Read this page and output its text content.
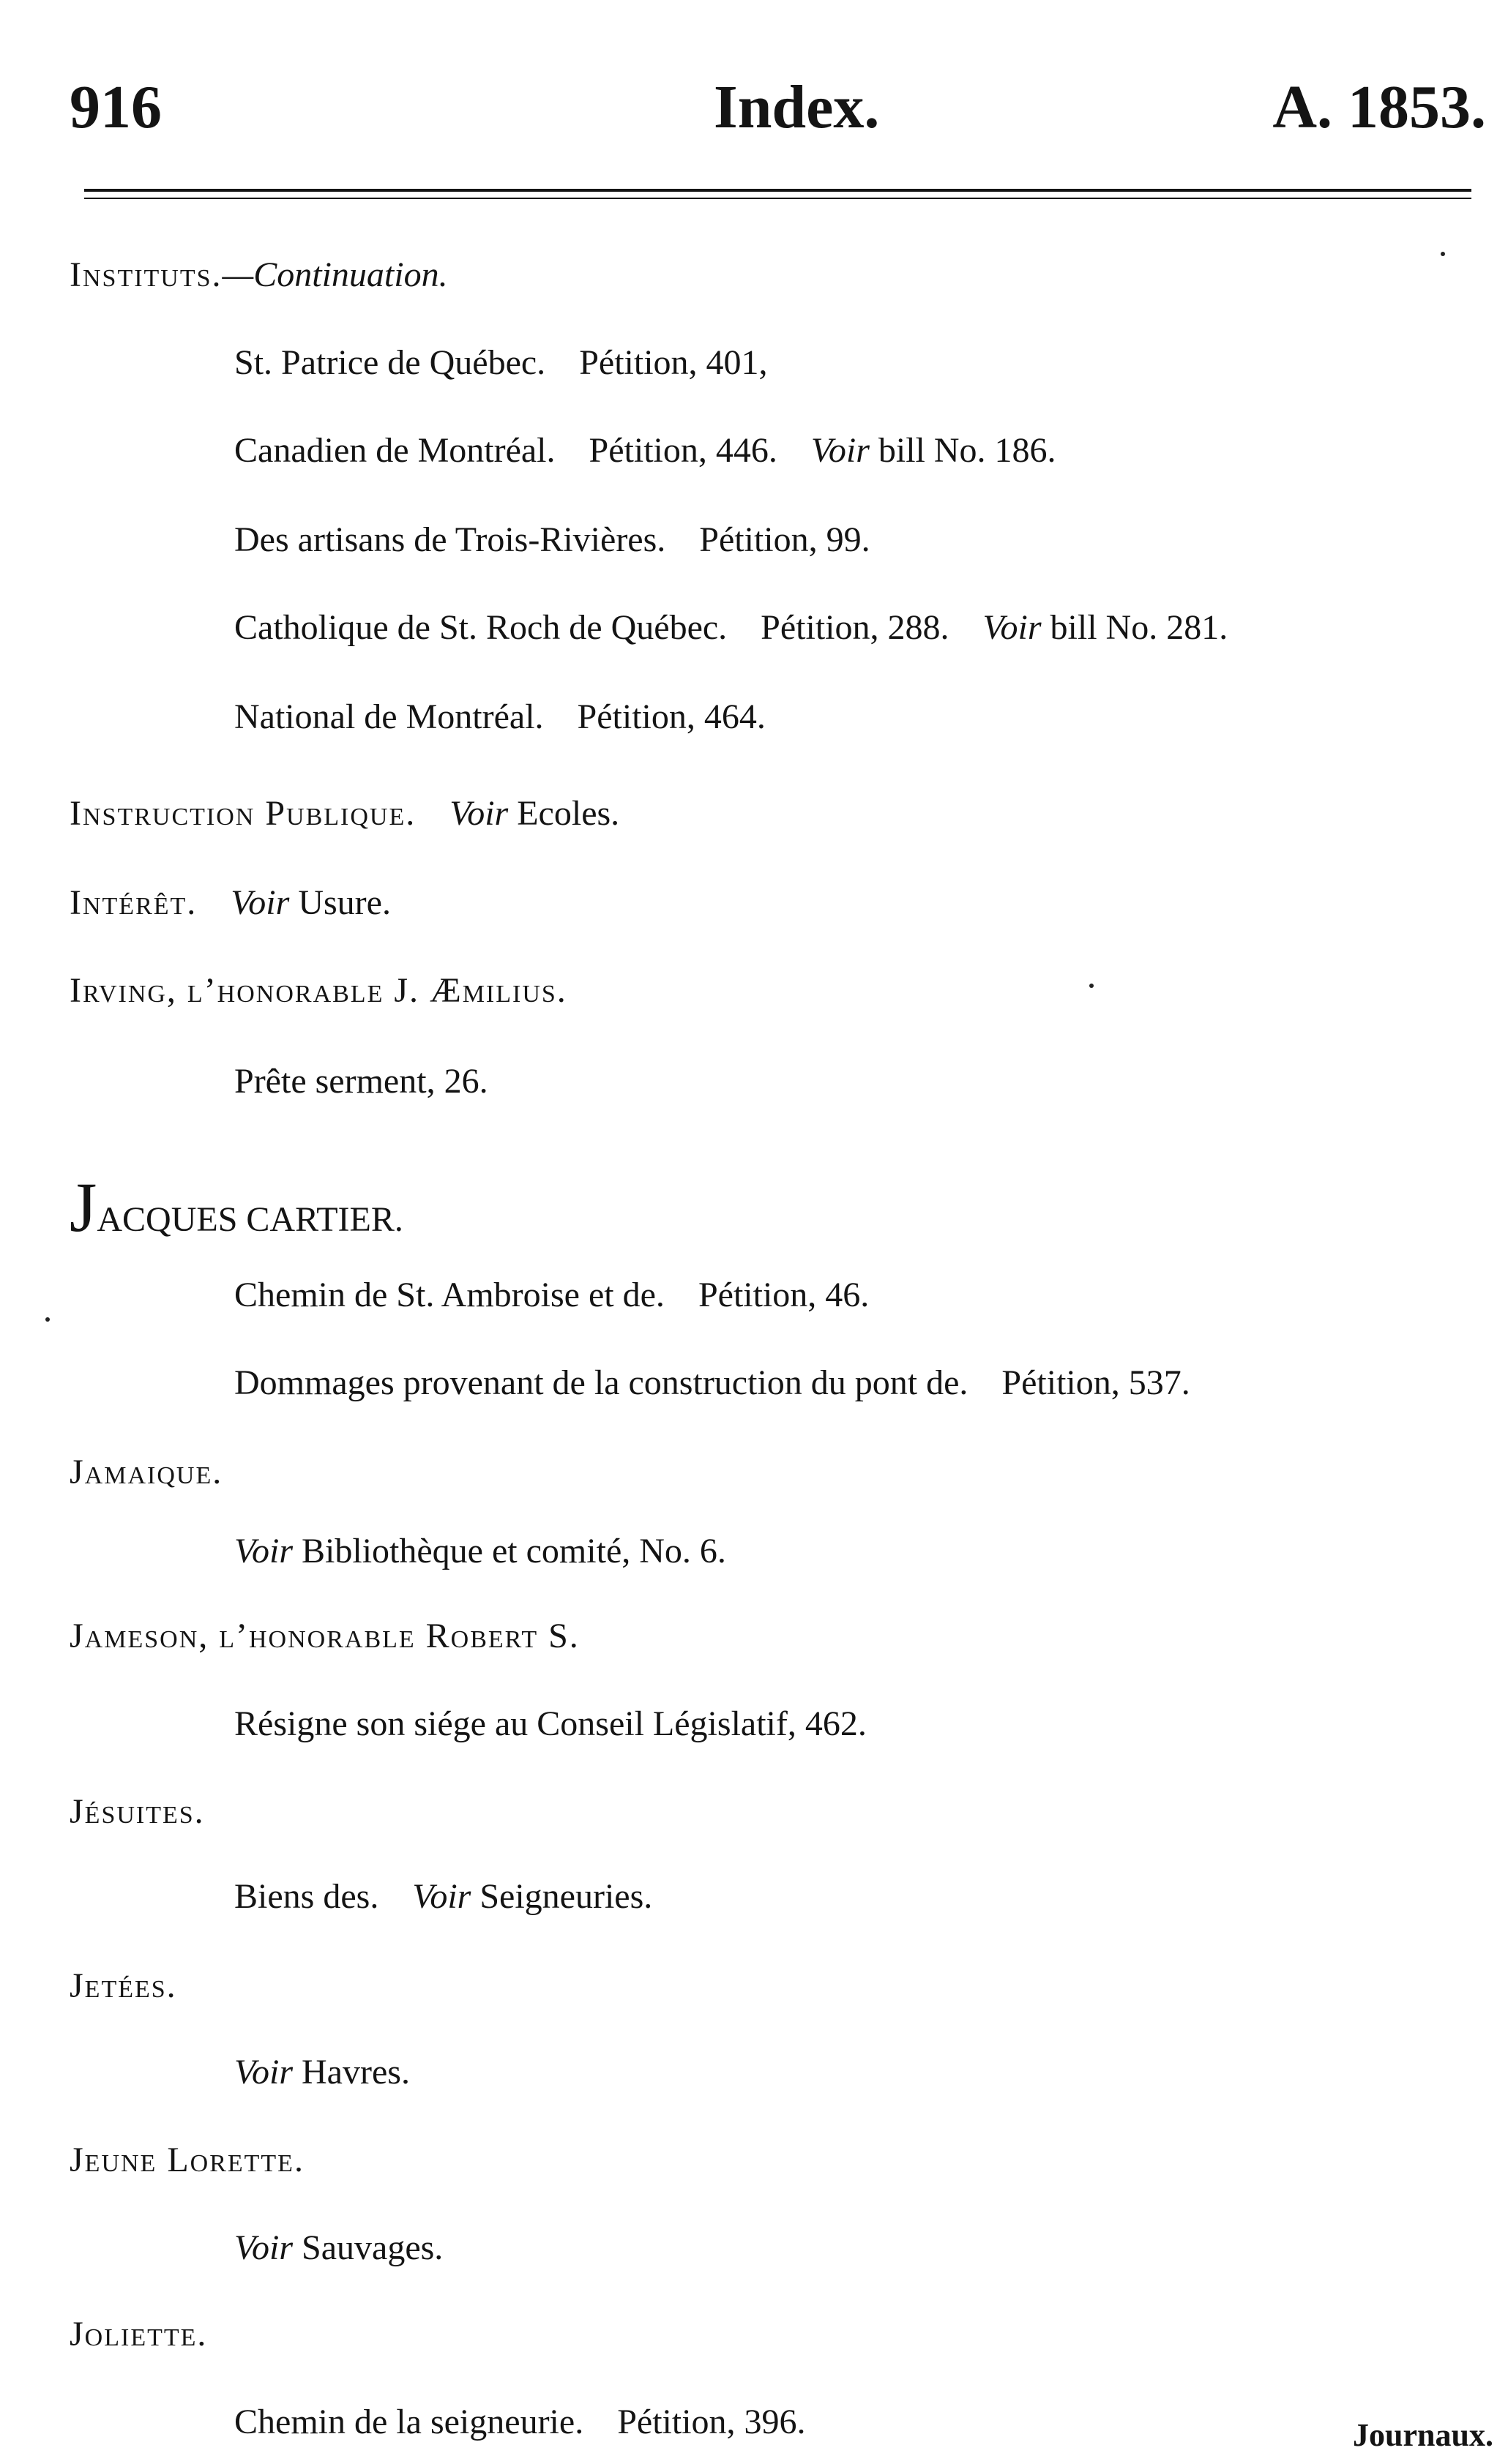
916	Index.	A. 1853.
Instituts.—Continuation.
St. Patrice de Québec. Pétition, 401,
Canadien de Montréal. Pétition, 446. Voir bill No. 186.
Des artisans de Trois-Rivières. Pétition, 99.
Catholique de St. Roch de Québec. Pétition, 288. Voir bill No. 281.
National de Montréal. Pétition, 464.
Instruction Publique. Voir Ecoles.
Intérêt. Voir Usure.
Irving, l’honorable J. Æmilius.
Prête serment, 26.
JACQUES CARTIER.
Chemin de St. Ambroise et de. Pétition, 46.
Dommages provenant de la construction du pont de. Pétition, 537.
Jamaique.
Voir Bibliothèque et comité, No. 6.
Jameson, l’honorable Robert S.
Résigne son siége au Conseil Législatif, 462.
Jésuites.
Biens des. Voir Seigneuries.
Jetées.
Voir Havres.
Jeune Lorette.
Voir Sauvages.
Joliette.
Chemin de la seigneurie. Pétition, 396.	Journaux.
